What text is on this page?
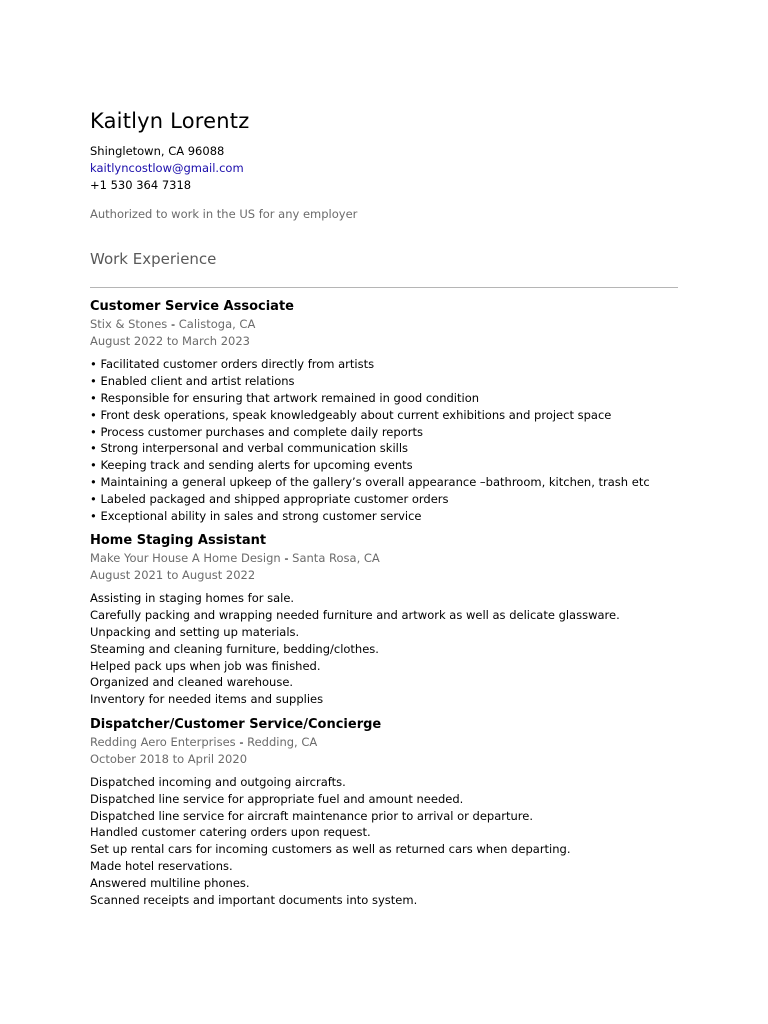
Kaitlyn Lorentz
Shingletown, CA 96088
kaitlyncostlow@gmail.com
+1 530 364 7318
Authorized to work in the US for any employer
Work Experience
Customer Service Associate
Stix & Stones - Calistoga, CA
August 2022 to March 2023
• Facilitated customer orders directly from artists
• Enabled client and artist relations
• Responsible for ensuring that artwork remained in good condition
• Front desk operations, speak knowledgeably about current exhibitions and project space
• Process customer purchases and complete daily reports
• Strong interpersonal and verbal communication skills
• Keeping track and sending alerts for upcoming events
• Maintaining a general upkeep of the gallery’s overall appearance –bathroom, kitchen, trash etc
• Labeled packaged and shipped appropriate customer orders
• Exceptional ability in sales and strong customer service
Home Staging Assistant
Make Your House A Home Design - Santa Rosa, CA
August 2021 to August 2022
Assisting in staging homes for sale.
Carefully packing and wrapping needed furniture and artwork as well as delicate glassware.
Unpacking and setting up materials.
Steaming and cleaning furniture, bedding/clothes.
Helped pack ups when job was finished.
Organized and cleaned warehouse.
Inventory for needed items and supplies
Dispatcher/Customer Service/Concierge
Redding Aero Enterprises - Redding, CA
October 2018 to April 2020
Dispatched incoming and outgoing aircrafts.
Dispatched line service for appropriate fuel and amount needed.
Dispatched line service for aircraft maintenance prior to arrival or departure.
Handled customer catering orders upon request.
Set up rental cars for incoming customers as well as returned cars when departing.
Made hotel reservations.
Answered multiline phones.
Scanned receipts and important documents into system.
